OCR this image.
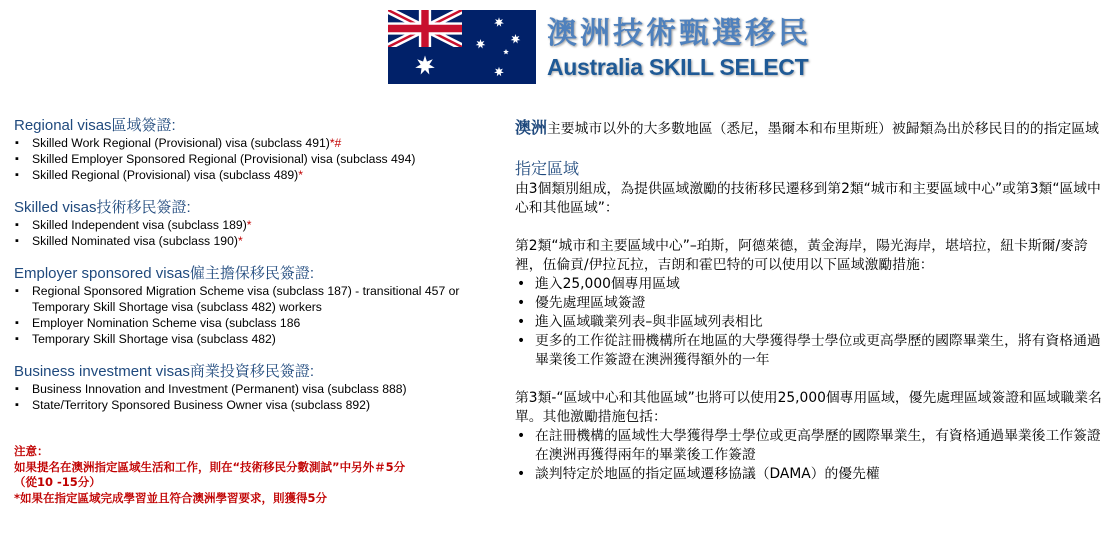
澳洲技術甄選移民
Australia SKILL SELECT
Regional visas區域簽證:
▪ Skilled Work Regional (Provisional) visa (subclass 491)*#
▪ Skilled Employer Sponsored Regional (Provisional) visa (subclass 494)
▪ Skilled Regional (Provisional) visa (subclass 489)*
Skilled visas技術移民簽證:
▪ Skilled Independent visa (subclass 189)*
▪ Skilled Nominated visa (subclass 190)*
Employer sponsored visas僱主擔保移民簽證:
▪ Regional Sponsored Migration Scheme visa (subclass 187) - transitional 457 or Temporary Skill Shortage visa (subclass 482) workers
▪ Employer Nomination Scheme visa (subclass 186
▪ Temporary Skill Shortage visa (subclass 482)
Business investment visas商業投資移民簽證:
▪ Business Innovation and Investment (Permanent) visa (subclass 888)
▪ State/Territory Sponsored Business Owner visa (subclass 892)
注意：
如果提名在澳洲指定區域生活和工作，則在“技術移民分數測試”中另外＃5分
（從10 -15分）
*如果在指定區域完成學習並且符合澳洲學習要求，則獲得5分

澳洲主要城市以外的大多數地區（悉尼，墨爾本和布里斯班）被歸類為出於移民目的的指定區域

指定區域

由3個類別組成，為提供區域激勵的技術移民遷移到第2類“城市和主要區域中心”或第3類“區域中心和其他區域”：

第2類“城市和主要區域中心”–珀斯，阿德萊德，黃金海岸，陽光海岸，堪培拉，紐卡斯爾/麥誇裡，伍倫貢/伊拉瓦拉，吉朗和霍巴特的可以使用以下區域激勵措施：

• 進入25,000個專用區域
• 優先處理區域簽證
• 進入區域職業列表–與非區域列表相比
• 更多的工作從註冊機構所在地區的大學獲得學士學位或更高學歷的國際畢業生，將有資格通過畢業後工作簽證在澳洲獲得額外的一年

第3類-“區域中心和其他區域”也將可以使用25,000個專用區域，優先處理區域簽證和區域職業名單。其他激勵措施包括：

• 在註冊機構的區域性大學獲得學士學位或更高學歷的國際畢業生，有資格通過畢業後工作簽證在澳洲再獲得兩年的畢業後工作簽證
• 談判特定於地區的指定區域遷移協議（DAMA）的優先權
